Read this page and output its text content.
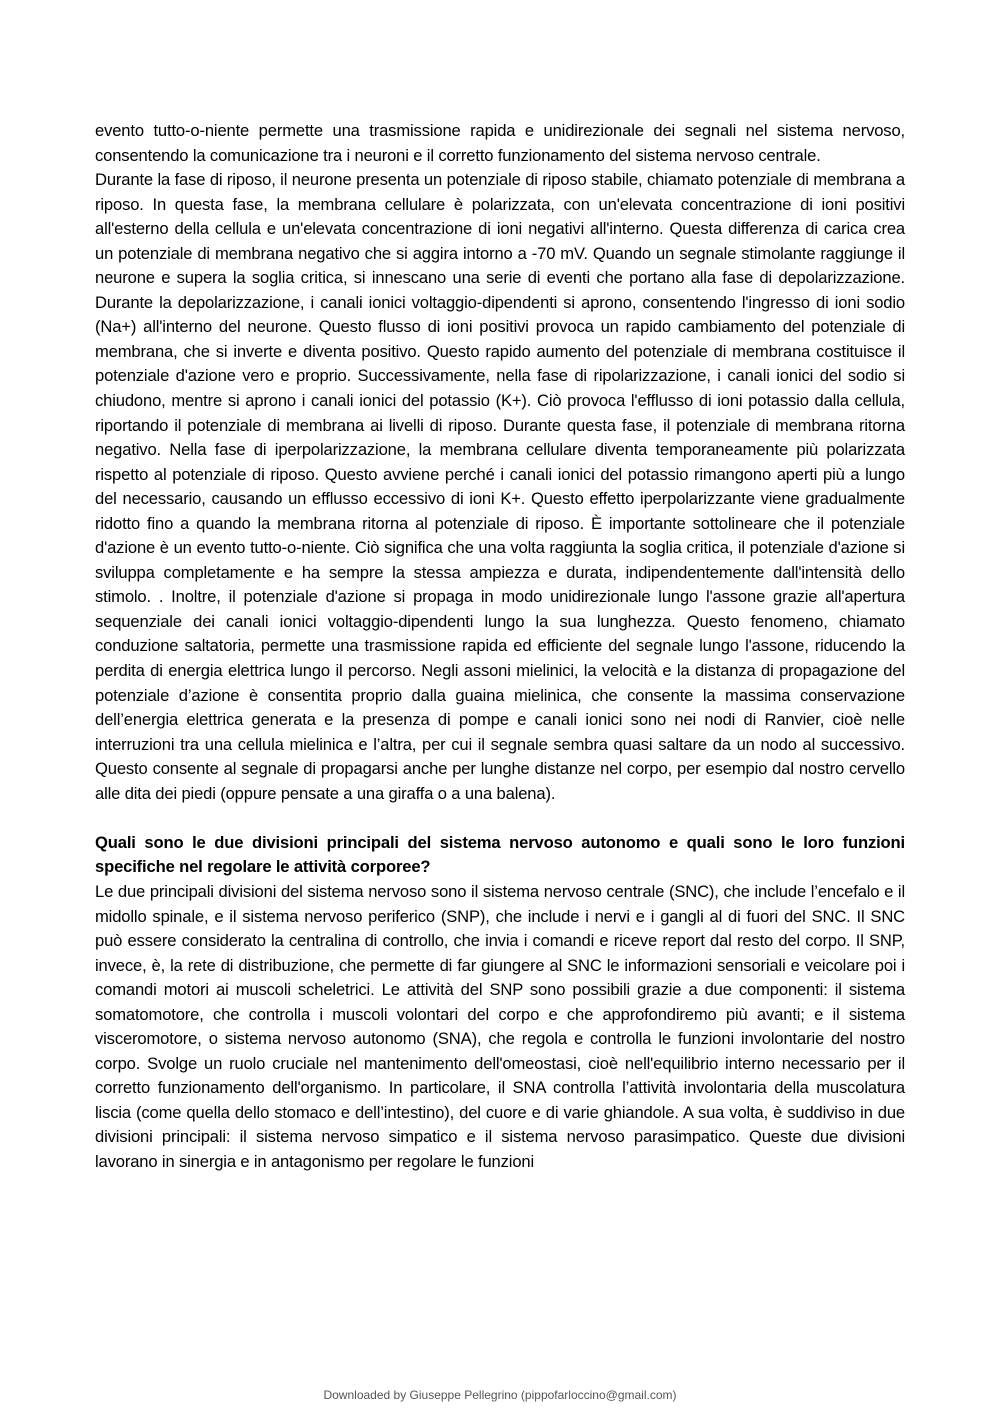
evento tutto-o-niente permette una trasmissione rapida e unidirezionale dei segnali nel sistema nervoso, consentendo la comunicazione tra i neuroni e il corretto funzionamento del sistema nervoso centrale.

Durante la fase di riposo, il neurone presenta un potenziale di riposo stabile, chiamato potenziale di membrana a riposo. In questa fase, la membrana cellulare è polarizzata, con un'elevata concentrazione di ioni positivi all'esterno della cellula e un'elevata concentrazione di ioni negativi all'interno. Questa differenza di carica crea un potenziale di membrana negativo che si aggira intorno a -70 mV. Quando un segnale stimolante raggiunge il neurone e supera la soglia critica, si innescano una serie di eventi che portano alla fase di depolarizzazione. Durante la depolarizzazione, i canali ionici voltaggio-dipendenti si aprono, consentendo l'ingresso di ioni sodio (Na+) all'interno del neurone. Questo flusso di ioni positivi provoca un rapido cambiamento del potenziale di membrana, che si inverte e diventa positivo. Questo rapido aumento del potenziale di membrana costituisce il potenziale d'azione vero e proprio. Successivamente, nella fase di ripolarizzazione, i canali ionici del sodio si chiudono, mentre si aprono i canali ionici del potassio (K+). Ciò provoca l'efflusso di ioni potassio dalla cellula, riportando il potenziale di membrana ai livelli di riposo. Durante questa fase, il potenziale di membrana ritorna negativo. Nella fase di iperpolarizzazione, la membrana cellulare diventa temporaneamente più polarizzata rispetto al potenziale di riposo. Questo avviene perché i canali ionici del potassio rimangono aperti più a lungo del necessario, causando un efflusso eccessivo di ioni K+. Questo effetto iperpolarizzante viene gradualmente ridotto fino a quando la membrana ritorna al potenziale di riposo. È importante sottolineare che il potenziale d'azione è un evento tutto-o-niente. Ciò significa che una volta raggiunta la soglia critica, il potenziale d'azione si sviluppa completamente e ha sempre la stessa ampiezza e durata, indipendentemente dall'intensità dello stimolo. . Inoltre, il potenziale d'azione si propaga in modo unidirezionale lungo l'assone grazie all'apertura sequenziale dei canali ionici voltaggio-dipendenti lungo la sua lunghezza. Questo fenomeno, chiamato conduzione saltatoria, permette una trasmissione rapida ed efficiente del segnale lungo l'assone, riducendo la perdita di energia elettrica lungo il percorso. Negli assoni mielinici, la velocità e la distanza di propagazione del potenziale d’azione è consentita proprio dalla guaina mielinica, che consente la massima conservazione dell’energia elettrica generata e la presenza di pompe e canali ionici sono nei nodi di Ranvier, cioè nelle interruzioni tra una cellula mielinica e l’altra, per cui il segnale sembra quasi saltare da un nodo al successivo. Questo consente al segnale di propagarsi anche per lunghe distanze nel corpo, per esempio dal nostro cervello alle dita dei piedi (oppure pensate a una giraffa o a una balena).

Quali sono le due divisioni principali del sistema nervoso autonomo e quali sono le loro funzioni specifiche nel regolare le attività corporee?

Le due principali divisioni del sistema nervoso sono il sistema nervoso centrale (SNC), che include l’encefalo e il midollo spinale, e il sistema nervoso periferico (SNP), che include i nervi e i gangli al di fuori del SNC. Il SNC può essere considerato la centralina di controllo, che invia i comandi e riceve report dal resto del corpo. Il SNP, invece, è, la rete di distribuzione, che permette di far giungere al SNC le informazioni sensoriali e veicolare poi i comandi motori ai muscoli scheletrici. Le attività del SNP sono possibili grazie a due componenti: il sistema somatomotore, che controlla i muscoli volontari del corpo e che approfondiremo più avanti; e il sistema visceromotore, o sistema nervoso autonomo (SNA), che regola e controlla le funzioni involontarie del nostro corpo. Svolge un ruolo cruciale nel mantenimento dell'omeostasi, cioè nell'equilibrio interno necessario per il corretto funzionamento dell'organismo. In particolare, il SNA controlla l’attività involontaria della muscolatura liscia (come quella dello stomaco e dell’intestino), del cuore e di varie ghiandole. A sua volta, è suddiviso in due divisioni principali: il sistema nervoso simpatico e il sistema nervoso parasimpatico. Queste due divisioni lavorano in sinergia e in antagonismo per regolare le funzioni

Downloaded by Giuseppe Pellegrino (pippofarloccino@gmail.com)
